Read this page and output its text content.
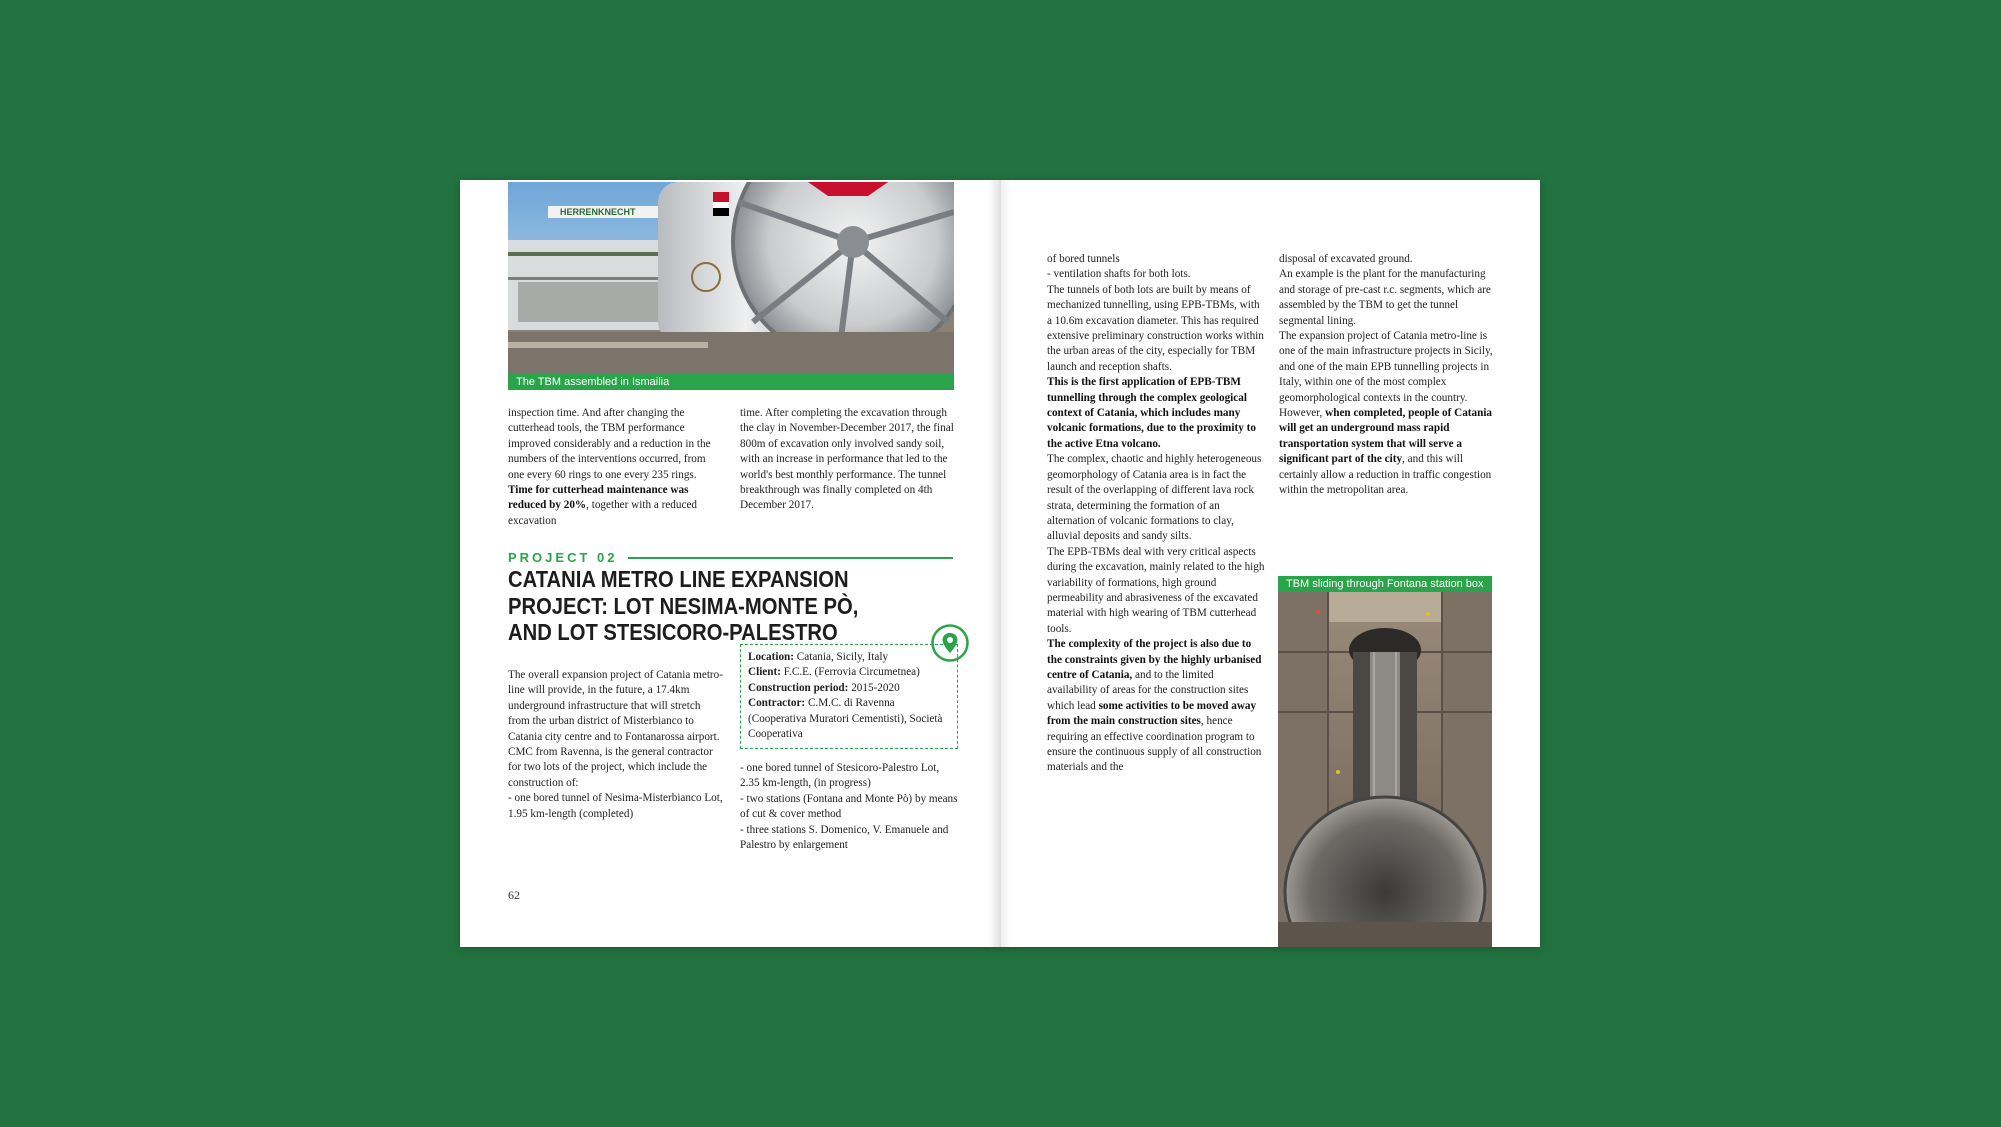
HERRENKNECHT
The TBM assembled in Ismailia

inspection time. And after changing the cutterhead tools, the TBM performance improved considerably and a reduction in the numbers of the interventions occurred, from one every 60 rings to one every 235 rings. Time for cutterhead maintenance was reduced by 20%, together with a reduced excavation

time. After completing the excavation through the clay in November-December 2017, the final 800m of excavation only involved sandy soil, with an increase in performance that led to the world's best monthly performance. The tunnel breakthrough was finally completed on 4th December 2017.

PROJECT 02
CATANIA METRO LINE EXPANSION PROJECT: LOT NESIMA-MONTE PÒ, AND LOT STESICORO-PALESTRO
Location: Catania, Sicily, Italy
Client: F.C.E. (Ferrovia Circumetnea)
Construction period: 2015-2020
Contractor: C.M.C. di Ravenna (Cooperativa Muratori Cementisti), Società Cooperativa

The overall expansion project of Catania metro-line will provide, in the future, a 17.4km underground infrastructure that will stretch from the urban district of Misterbianco to Catania city centre and to Fontanarossa airport.

CMC from Ravenna, is the general contractor for two lots of the project, which include the construction of:

- one bored tunnel of Nesima-Misterbianco Lot, 1.95 km-length (completed)

- one bored tunnel of Stesicoro-Palestro Lot, 2.35 km-length, (in progress)

- two stations (Fontana and Monte Pò) by means of cut & cover method

- three stations S. Domenico, V. Emanuele and Palestro by enlargement

62

of bored tunnels

- ventilation shafts for both lots.

The tunnels of both lots are built by means of mechanized tunnelling, using EPB-TBMs, with a 10.6m excavation diameter. This has required extensive preliminary construction works within the urban areas of the city, especially for TBM launch and reception shafts.

This is the first application of EPB-TBM tunnelling through the complex geological context of Catania, which includes many volcanic formations, due to the proximity to the active Etna volcano.

The complex, chaotic and highly heterogeneous geomorphology of Catania area is in fact the result of the overlapping of different lava rock strata, determining the formation of an alternation of volcanic formations to clay, alluvial deposits and sandy silts.

The EPB-TBMs deal with very critical aspects during the excavation, mainly related to the high variability of formations, high ground permeability and abrasiveness of the excavated material with high wearing of TBM cutterhead tools.

The complexity of the project is also due to the constraints given by the highly urbanised centre of Catania, and to the limited availability of areas for the construction sites which lead some activities to be moved away from the main construction sites, hence requiring an effective coordination program to ensure the continuous supply of all construction materials and the

disposal of excavated ground.

An example is the plant for the manufacturing and storage of pre-cast r.c. segments, which are assembled by the TBM to get the tunnel segmental lining.

The expansion project of Catania metro-line is one of the main infrastructure projects in Sicily, and one of the main EPB tunnelling projects in Italy, within one of the most complex geomorphological contexts in the country.

However, when completed, people of Catania will get an underground mass rapid transportation system that will serve a significant part of the city, and this will certainly allow a reduction in traffic congestion within the metropolitan area.

TBM sliding through Fontana station box
